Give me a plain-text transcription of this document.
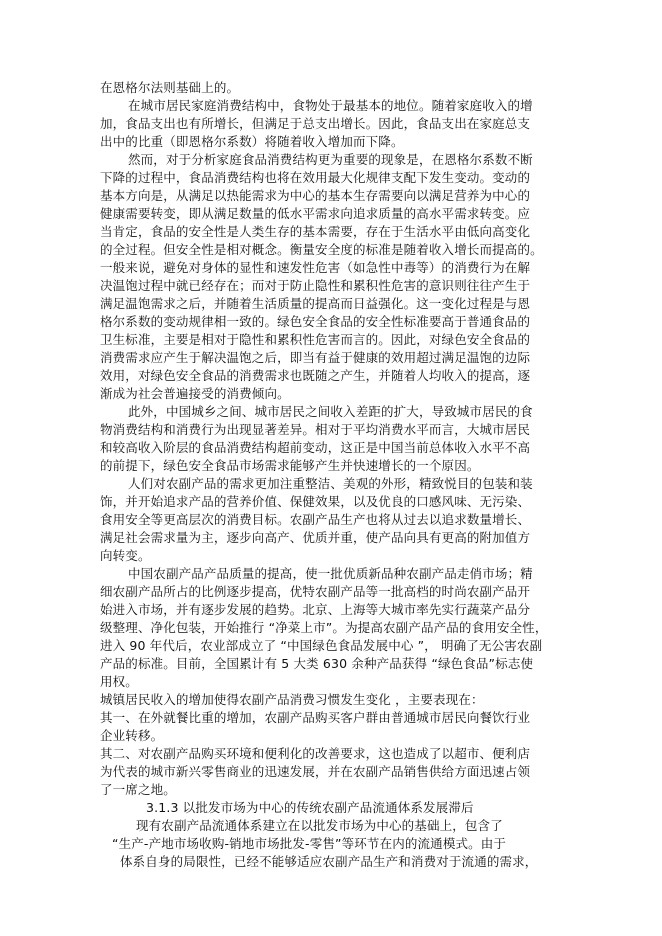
在恩格尔法则基础上的。
在城市居民家庭消费结构中，食物处于最基本的地位。随着家庭收入的增
加，食品支出也有所增长，但满足于总支出增长。因此，食品支出在家庭总支
出中的比重（即恩格尔系数）将随着收入增加而下降。
然而，对于分析家庭食品消费结构更为重要的现象是，在恩格尔系数不断
下降的过程中，食品消费结构也将在效用最大化规律支配下发生变动。变动的
基本方向是，从满足以热能需求为中心的基本生存需要向以满足营养为中心的
健康需要转变，即从满足数量的低水平需求向追求质量的高水平需求转变。应
当肯定，食品的安全性是人类生存的基本需要，存在于生活水平由低向高变化
的全过程。但安全性是相对概念。衡量安全度的标准是随着收入增长而提高的。
一般来说，避免对身体的显性和速发性危害（如急性中毒等）的消费行为在解
决温饱过程中就已经存在；而对于防止隐性和累积性危害的意识则往往产生于
满足温饱需求之后，并随着生活质量的提高而日益强化。这一变化过程是与恩
格尔系数的变动规律相一致的。绿色安全食品的安全性标准要高于普通食品的
卫生标准，主要是相对于隐性和累积性危害而言的。因此，对绿色安全食品的
消费需求应产生于解决温饱之后，即当有益于健康的效用超过满足温饱的边际
效用，对绿色安全食品的消费需求也既随之产生，并随着人均收入的提高，逐
渐成为社会普遍接受的消费倾向。
此外，中国城乡之间、城市居民之间收入差距的扩大，导致城市居民的食
物消费结构和消费行为出现显著差异。相对于平均消费水平而言，大城市居民
和较高收入阶层的食品消费结构超前变动，这正是中国当前总体收入水平不高
的前提下，绿色安全食品市场需求能够产生并快速增长的一个原因。
人们对农副产品的需求更加注重整洁、美观的外形，精致悦目的包装和装
饰，并开始追求产品的营养价值、保健效果，以及优良的口感风味、无污染、
食用安全等更高层次的消费目标。农副产品生产也将从过去以追求数量增长、
满足社会需求量为主，逐步向高产、优质并重，使产品向具有更高的附加值方
向转变。
中国农副产品产品质量的提高，使一批优质新品种农副产品走俏市场；精
细农副产品所占的比例逐步提高，优特农副产品等一批高档的时尚农副产品开
始进入市场，并有逐步发展的趋势。北京、上海等大城市率先实行蔬菜产品分
级整理、净化包装，开始推行 “净菜上市”。为提高农副产品产品的食用安全性，
进入 90 年代后，农业部成立了 “中国绿色食品发展中心 ”， 明确了无公害农副
产品的标准。目前，全国累计有 5 大类 630 余种产品获得 “绿色食品”标志使
用权。
城镇居民收入的增加使得农副产品消费习惯发生变化 ，主要表现在：
其一、在外就餐比重的增加，农副产品购买客户群由普通城市居民向餐饮行业
企业转移。
其二、对农副产品购买环境和便利化的改善要求，这也造成了以超市、便利店
为代表的城市新兴零售商业的迅速发展，并在农副产品销售供给方面迅速占领
了一席之地。
3.1.3 以批发市场为中心的传统农副产品流通体系发展滞后
现有农副产品流通体系建立在以批发市场为中心的基础上，包含了
“生产-产地市场收购-销地市场批发-零售”等环节在内的流通模式。由于
体系自身的局限性，已经不能够适应农副产品生产和消费对于流通的需求，
